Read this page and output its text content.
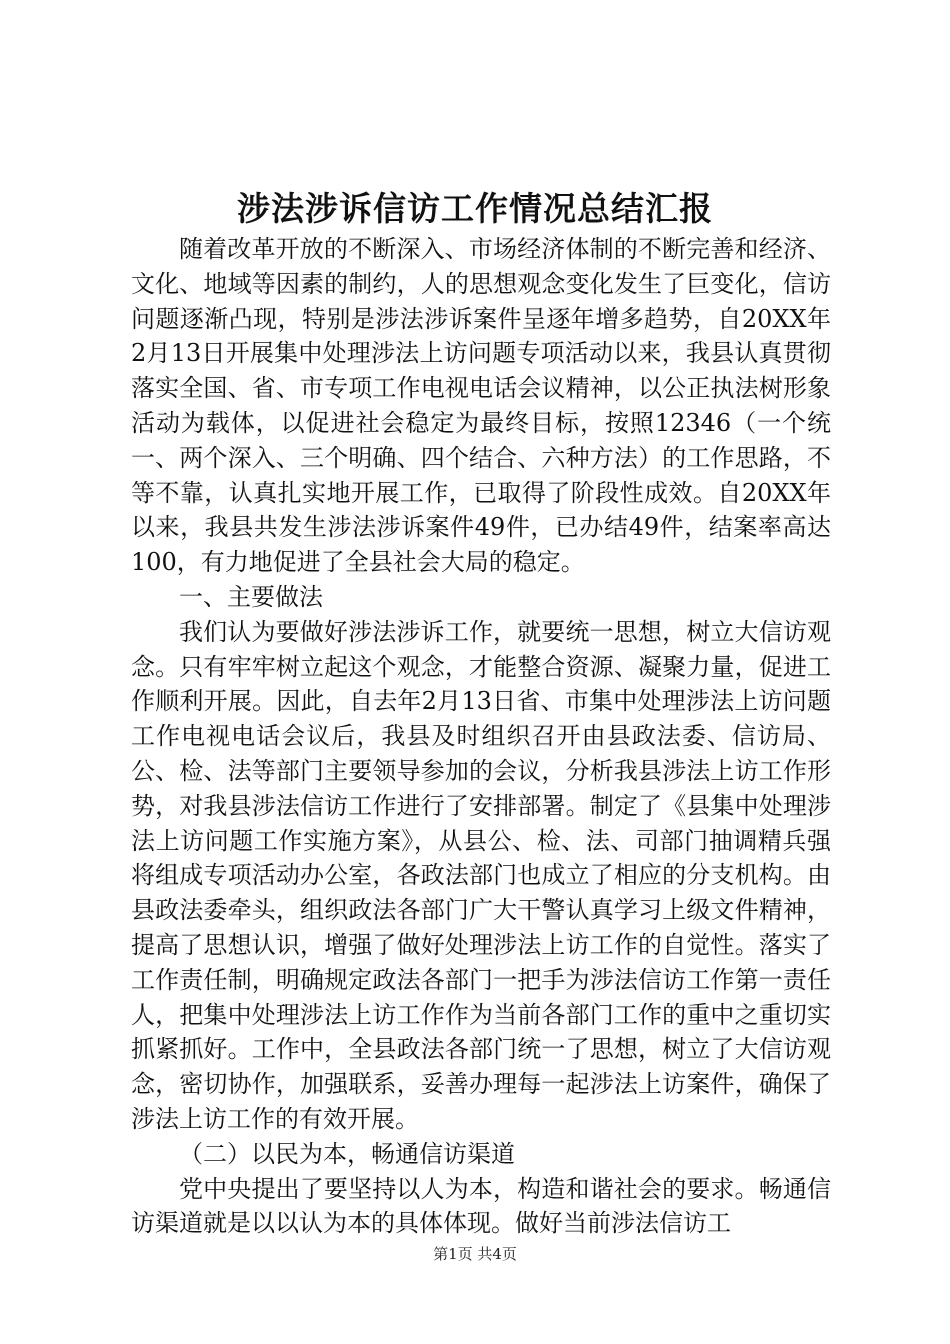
涉法涉诉信访工作情况总结汇报

随着改革开放的不断深入、市场经济体制的不断完善和经济、文化、地域等因素的制约，人的思想观念变化发生了巨变化，信访问题逐渐凸现，特别是涉法涉诉案件呈逐年增多趋势，自20XX年2月13日开展集中处理涉法上访问题专项活动以来，我县认真贯彻落实全国、省、市专项工作电视电话会议精神，以公正执法树形象活动为载体，以促进社会稳定为最终目标，按照12346（一个统一、两个深入、三个明确、四个结合、六种方法）的工作思路，不等不靠，认真扎实地开展工作，已取得了阶段性成效。自20XX年以来，我县共发生涉法涉诉案件49件，已办结49件，结案率高达100，有力地促进了全县社会大局的稳定。

一、主要做法

我们认为要做好涉法涉诉工作，就要统一思想，树立大信访观念。只有牢牢树立起这个观念，才能整合资源、凝聚力量，促进工作顺利开展。因此，自去年2月13日省、市集中处理涉法上访问题工作电视电话会议后，我县及时组织召开由县政法委、信访局、公、检、法等部门主要领导参加的会议，分析我县涉法上访工作形势，对我县涉法信访工作进行了安排部署。制定了《县集中处理涉法上访问题工作实施方案》，从县公、检、法、司部门抽调精兵强将组成专项活动办公室，各政法部门也成立了相应的分支机构。由县政法委牵头，组织政法各部门广大干警认真学习上级文件精神，提高了思想认识，增强了做好处理涉法上访工作的自觉性。落实了工作责任制，明确规定政法各部门一把手为涉法信访工作第一责任人，把集中处理涉法上访工作作为当前各部门工作的重中之重切实抓紧抓好。工作中，全县政法各部门统一了思想，树立了大信访观念，密切协作，加强联系，妥善办理每一起涉法上访案件，确保了涉法上访工作的有效开展。

（二）以民为本，畅通信访渠道

党中央提出了要坚持以人为本，构造和谐社会的要求。畅通信访渠道就是以以认为本的具体体现。做好当前涉法信访工

第1页 共4页
